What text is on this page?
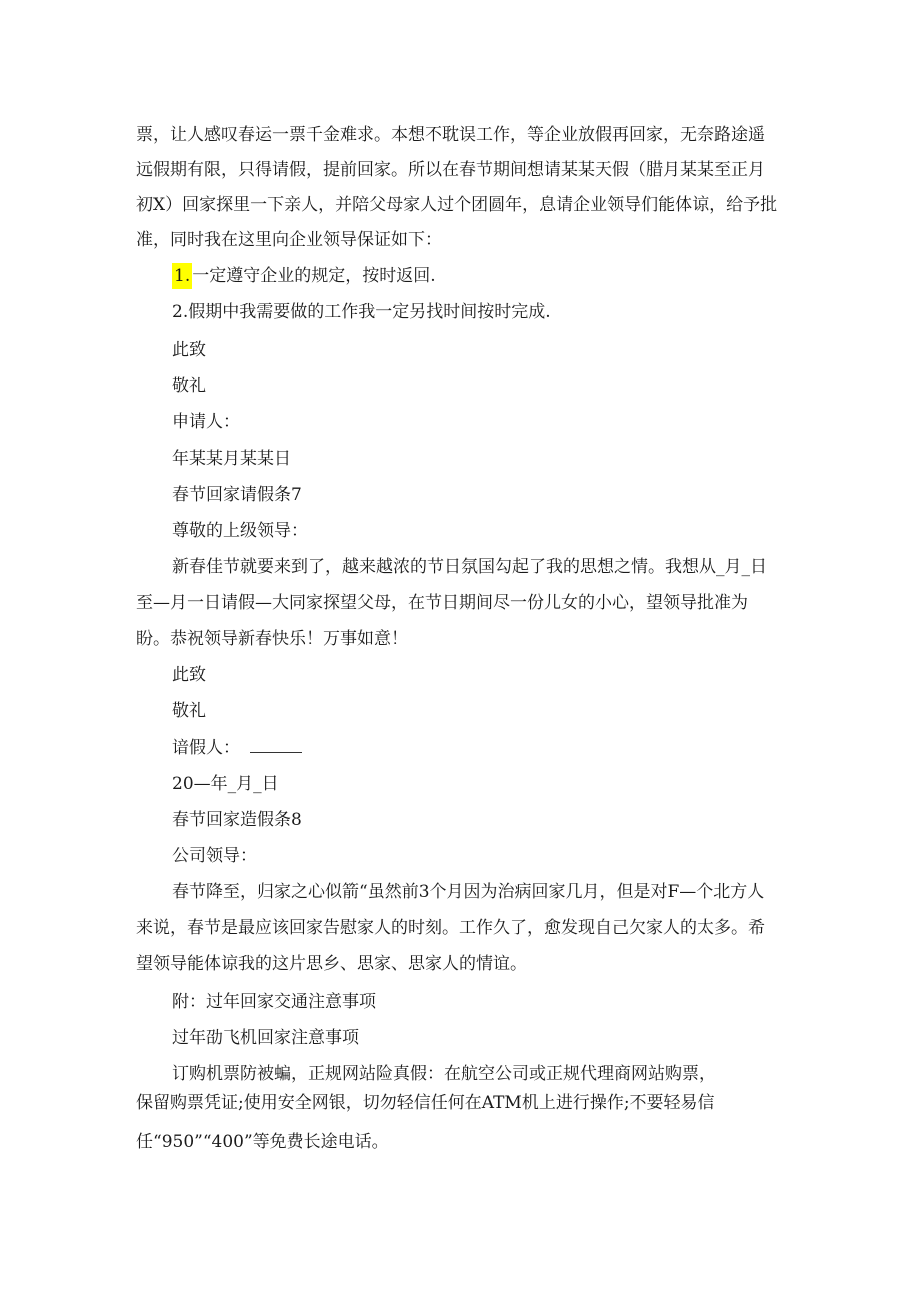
票，让人感叹春运一票千金难求。本想不耽误工作，等企业放假再回家，无奈路途遥
远假期有限，只得请假，提前回家。所以在春节期间想请某某天假（腊月某某至正月
初X）回家探里一下亲人，并陪父母家人过个团圆年，息请企业领导们能体谅，给予批
准，同时我在这里向企业领导保证如下：
1. 一定遵守企业的规定，按时返回.
2.假期中我需要做的工作我一定另找时间按时完成.
此致
敬礼
申请人：
年某某月某某日
春节回家请假条7
尊敬的上级领导：
新春佳节就要来到了，越来越浓的节日氛国勾起了我的思想之情。我想从_月_日
至—月一日请假—大同家探望父母，在节日期间尽一份儿女的小心，望领导批准为
盼。恭祝领导新春快乐！万事如意！
此致
敬礼
谙假人：
20—年_月_日
春节回家造假条8
公司领导：
春节降至，归家之心似箭“虽然前3个月因为治病回家几月，但是对F—个北方人
来说，春节是最应该回家告慰家人的时刻。工作久了，愈发现自己欠家人的太多。希
望领导能体谅我的这片思乡、思家、思家人的情谊。
附：过年回家交通注意事项
过年劭飞机回家注意事项
订购机票防被蝙，正规网站险真假：在航空公司或正规代理商网站购票，
保留购票凭证;使用安全网银，切勿轻信任何在ATM机上进行操作;不要轻易信
任“950”“400”等免费长途电话。
